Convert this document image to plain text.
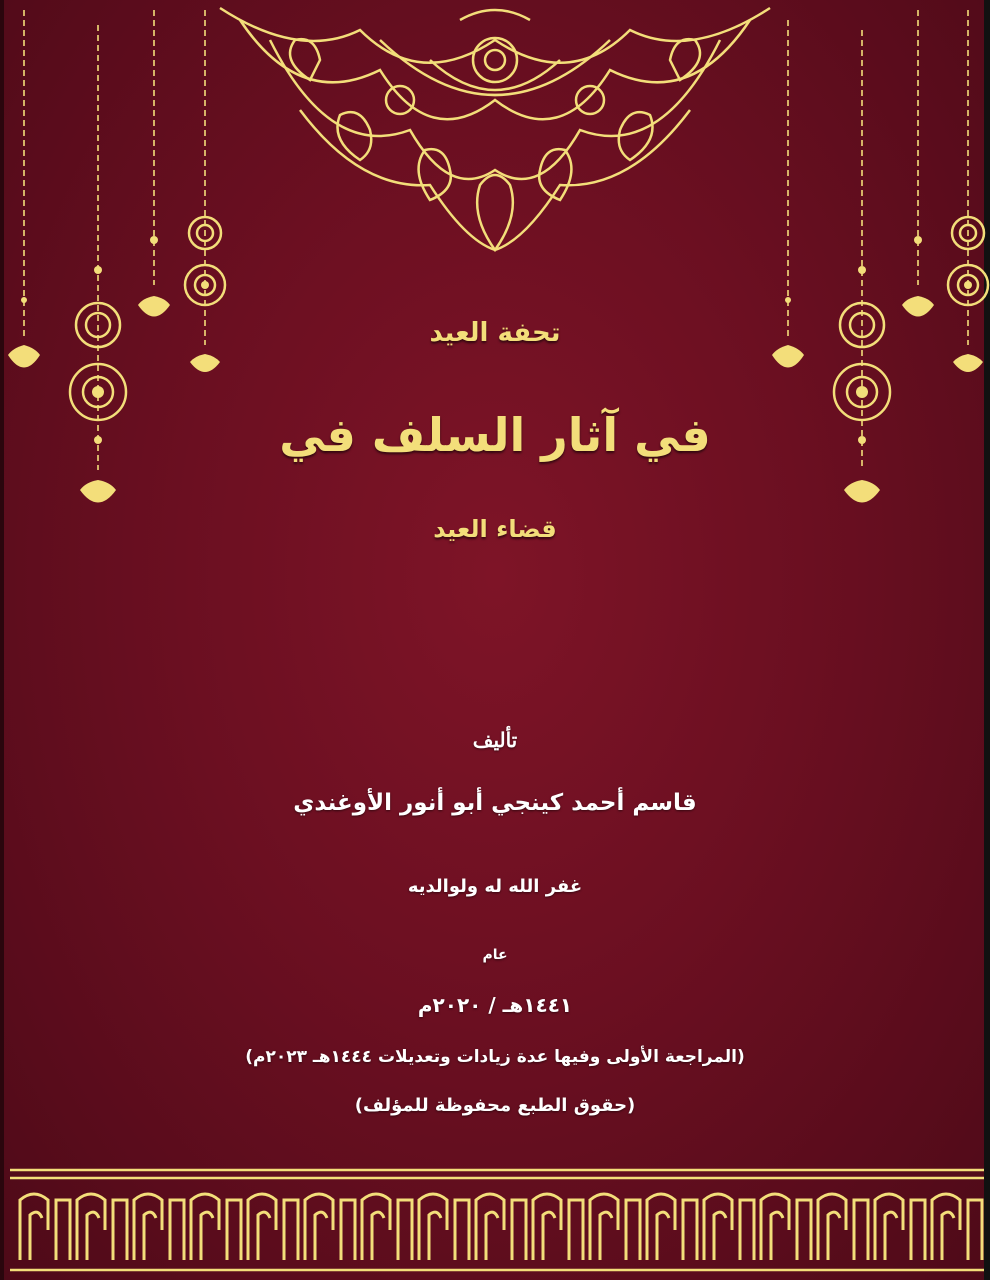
تحفة العيد
في آثار السلف في
قضاء العيد
تأليف
قاسم أحمد كينجي أبو أنور الأوغندي
غفر الله له ولوالديه
عام
١٤٤١هـ / ٢٠٢٠م
(المراجعة الأولى وفيها عدة زيادات وتعديلات ١٤٤٤هـ ٢٠٢٣م)
(حقوق الطبع محفوظة للمؤلف)
